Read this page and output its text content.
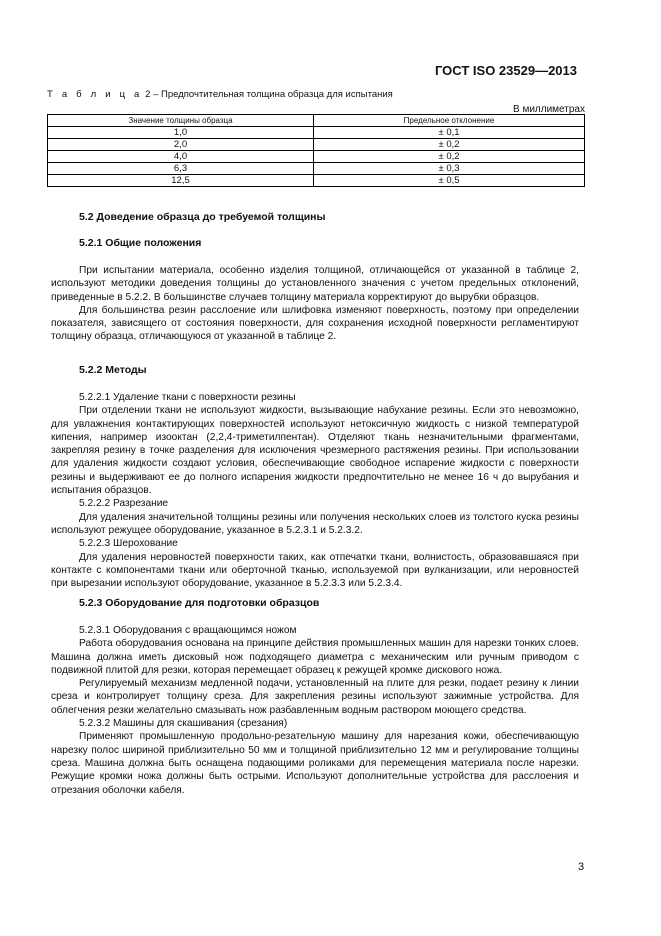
ГОСТ ISO 23529—2013
Т а б л и ц а 2 – Предпочтительная толщина образца для испытания
В миллиметрах
Значение толщины образца	Предельное отклонение
1,0	± 0,1
2,0	± 0,2
4,0	± 0,2
6,3	± 0,3
12,5	± 0,5
5.2 Доведение образца до требуемой толщины
5.2.1 Общие положения

При испытании материала, особенно изделия толщиной, отличающейся от указанной в таблице 2, используют методики доведения толщины до установленного значения с учетом предельных отклонений, приведенные в 5.2.2. В большинстве случаев толщину материала корректируют до вырубки образцов.

Для большинства резин расслоение или шлифовка изменяют поверхность, поэтому при определении показателя, зависящего от состояния поверхности, для сохранения исходной поверхности регламентируют толщину образца, отличающуюся от указанной в таблице 2.

5.2.2 Методы

5.2.2.1 Удаление ткани с поверхности резины

При отделении ткани не используют жидкости, вызывающие набухание резины. Если это невозможно, для увлажнения контактирующих поверхностей используют нетоксичную жидкость с низкой температурой кипения, например изооктан (2,2,4-триметилпентан). Отделяют ткань незначительными фрагментами, закрепляя резину в точке разделения для исключения чрезмерного растяжения резины. При использовании для удаления жидкости создают условия, обеспечивающие свободное испарение жидкости с поверхности резины и выдерживают ее до полного испарения жидкости предпочтительно не менее 16 ч до вырубания и испытания образцов.

5.2.2.2 Разрезание

Для удаления значительной толщины резины или получения нескольких слоев из толстого куска резины используют режущее оборудование, указанное в 5.2.3.1 и 5.2.3.2.

5.2.2.3 Шерохование

Для удаления неровностей поверхности таких, как отпечатки ткани, волнистость, образовавшаяся при контакте с компонентами ткани или оберточной тканью, используемой при вулканизации, или неровностей при вырезании используют оборудование, указанное в 5.2.3.3 или 5.2.3.4.

5.2.3 Оборудование для подготовки образцов

5.2.3.1 Оборудования с вращающимся ножом

Работа оборудования основана на принципе действия промышленных машин для нарезки тонких слоев. Машина должна иметь дисковый нож подходящего диаметра с механическим или ручным приводом с подвижной плитой для резки, которая перемещает образец к режущей кромке дискового ножа.

Регулируемый механизм медленной подачи, установленный на плите для резки, подает резину к линии среза и контролирует толщину среза. Для закрепления резины используют зажимные устройства. Для облегчения резки желательно смазывать нож разбавленным водным раствором моющего средства.

5.2.3.2 Машины для скашивания (срезания)

Применяют промышленную продольно-резательную машину для нарезания кожи, обеспечивающую нарезку полос шириной приблизительно 50 мм и толщиной приблизительно 12 мм и регулирование толщины среза. Машина должна быть оснащена подающими роликами для перемещения материала после нарезки. Режущие кромки ножа должны быть острыми. Используют дополнительные устройства для расслоения и отрезания оболочки кабеля.

3
